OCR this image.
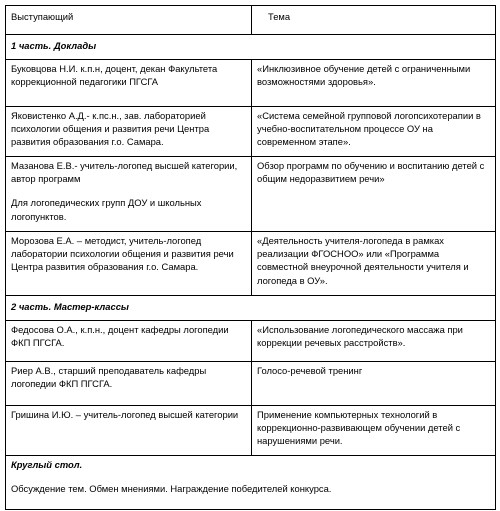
Выступающий	Тема
1 часть. Доклады	

Буковцова Н.И. к.п.н, доцент, декан Факультета коррекционной педагогики ПГСГА	«Инклюзивное обучение детей с ограниченными возможностями здоровья».

Яковистенко А.Д.- к.пс.н., зав. лабораторией психологии общения и развития речи Центра развития образования г.о. Самара.	«Система семейной групповой логопсихотерапии в учебно-воспитательном процессе ОУ на современном этапе».

Мазанова Е.В.- учитель-логопед высшей категории, автор программ

Для логопедических групп ДОУ и школьных логопунктов.	Обзор программ по обучению и воспитанию детей с общим недоразвитием речи»

Морозова Е.А. – методист, учитель-логопед лаборатории психологии общения и развития речи Центра развития образования г.о. Самара.	«Деятельность учителя-логопеда в рамках реализации ФГОСНОО» или «Программа совместной внеурочной деятельности учителя и логопеда в ОУ».
2 часть. Мастер-классы	

Федосова О.А., к.п.н., доцент кафедры логопедии ФКП ПГСГА.	«Использование логопедического массажа при коррекции речевых расстройств».

Риер А.В., старший преподаватель кафедры логопедии ФКП ПГСГА.	Голосо-речевой тренинг

Гришина И.Ю. – учитель-логопед высшей категории	Применение компьютерных технологий в коррекционно-развивающем обучении детей с нарушениями речи.

Круглый стол.

Обсуждение тем. Обмен мнениями. Награждение победителей конкурса.	
